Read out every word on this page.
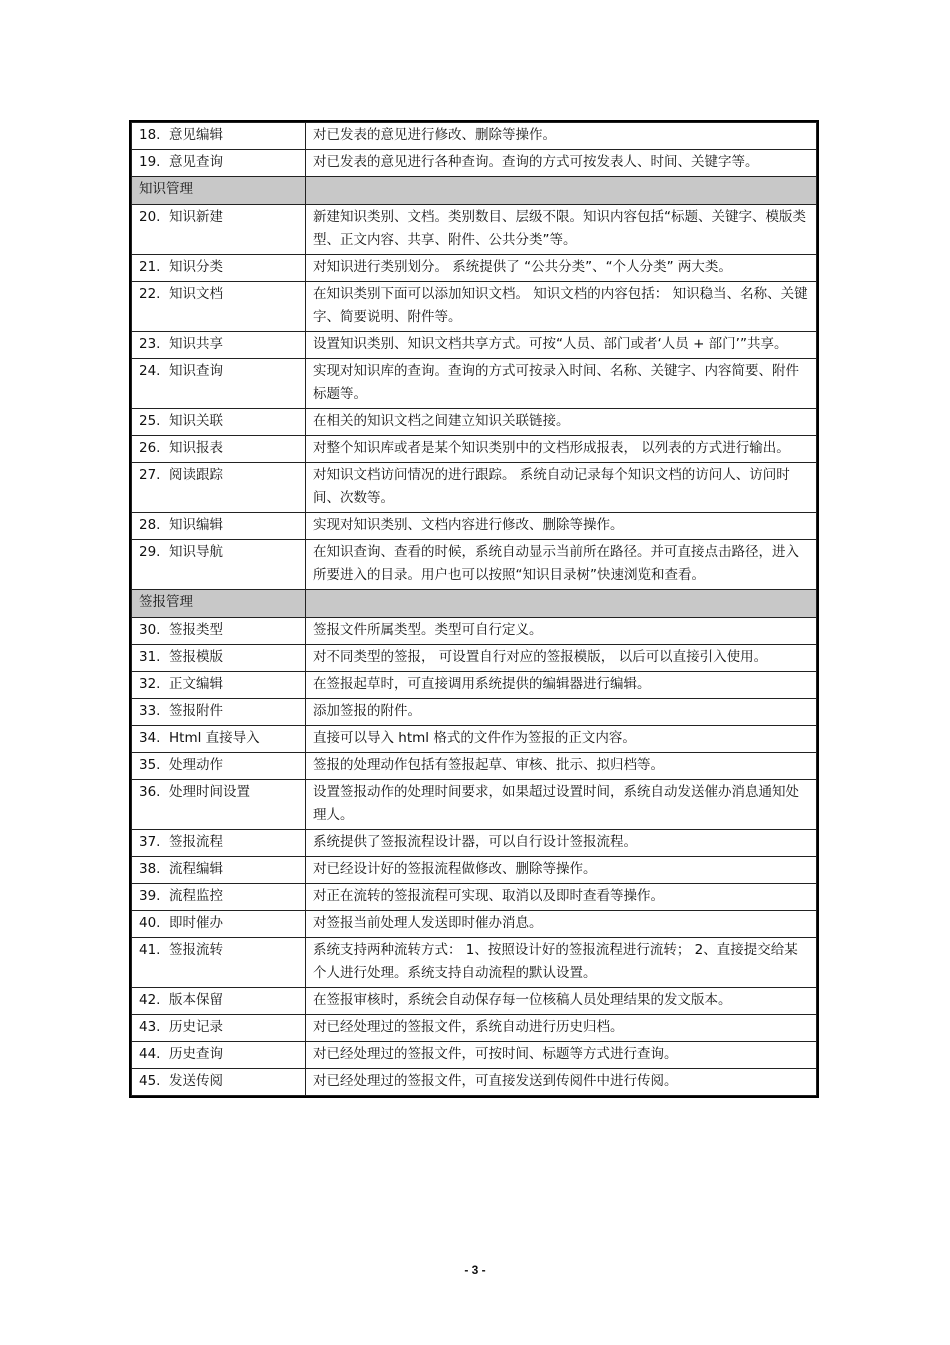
18. 意见编辑	对已发表的意见进行修改、删除等操作。
19. 意见查询	对已发表的意见进行各种查询。查询的方式可按发表人、时间、关键字等。
知识管理	
20. 知识新建	新建知识类别、文档。类别数目、层级不限。知识内容包括“标题、关键字、模版类型、正文内容、共享、附件、公共分类”等。
21. 知识分类	对知识进行类别划分。 系统提供了 “公共分类”、“个人分类” 两大类。
22. 知识文档	在知识类别下面可以添加知识文档。 知识文档的内容包括： 知识稳当、名称、关键字、简要说明、附件等。
23. 知识共享	设置知识类别、知识文档共享方式。可按“人员、部门或者‘人员 + 部门’”共享。
24. 知识查询	实现对知识库的查询。查询的方式可按录入时间、名称、关键字、内容简要、附件标题等。
25. 知识关联	在相关的知识文档之间建立知识关联链接。
26. 知识报表	对整个知识库或者是某个知识类别中的文档形成报表， 以列表的方式进行输出。
27. 阅读跟踪	对知识文档访问情况的进行跟踪。 系统自动记录每个知识文档的访问人、访问时间、次数等。
28. 知识编辑	实现对知识类别、文档内容进行修改、删除等操作。
29. 知识导航	在知识查询、查看的时候，系统自动显示当前所在路径。并可直接点击路径，进入所要进入的目录。用户也可以按照“知识目录树”快速浏览和查看。
签报管理	
30. 签报类型	签报文件所属类型。类型可自行定义。
31. 签报模版	对不同类型的签报， 可设置自行对应的签报模版， 以后可以直接引入使用。
32. 正文编辑	在签报起草时，可直接调用系统提供的编辑器进行编辑。
33. 签报附件	添加签报的附件。
34. Html 直接导入	直接可以导入 html 格式的文件作为签报的正文内容。
35. 处理动作	签报的处理动作包括有签报起草、审核、批示、拟归档等。
36. 处理时间设置	设置签报动作的处理时间要求，如果超过设置时间，系统自动发送催办消息通知处理人。
37. 签报流程	系统提供了签报流程设计器，可以自行设计签报流程。
38. 流程编辑	对已经设计好的签报流程做修改、删除等操作。
39. 流程监控	对正在流转的签报流程可实现、取消以及即时查看等操作。
40. 即时催办	对签报当前处理人发送即时催办消息。
41. 签报流转	系统支持两种流转方式： 1、按照设计好的签报流程进行流转； 2、直接提交给某个人进行处理。系统支持自动流程的默认设置。
42. 版本保留	在签报审核时，系统会自动保存每一位核稿人员处理结果的发文版本。
43. 历史记录	对已经处理过的签报文件，系统自动进行历史归档。
44. 历史查询	对已经处理过的签报文件，可按时间、标题等方式进行查询。
45. 发送传阅	对已经处理过的签报文件，可直接发送到传阅件中进行传阅。
- 3 -
